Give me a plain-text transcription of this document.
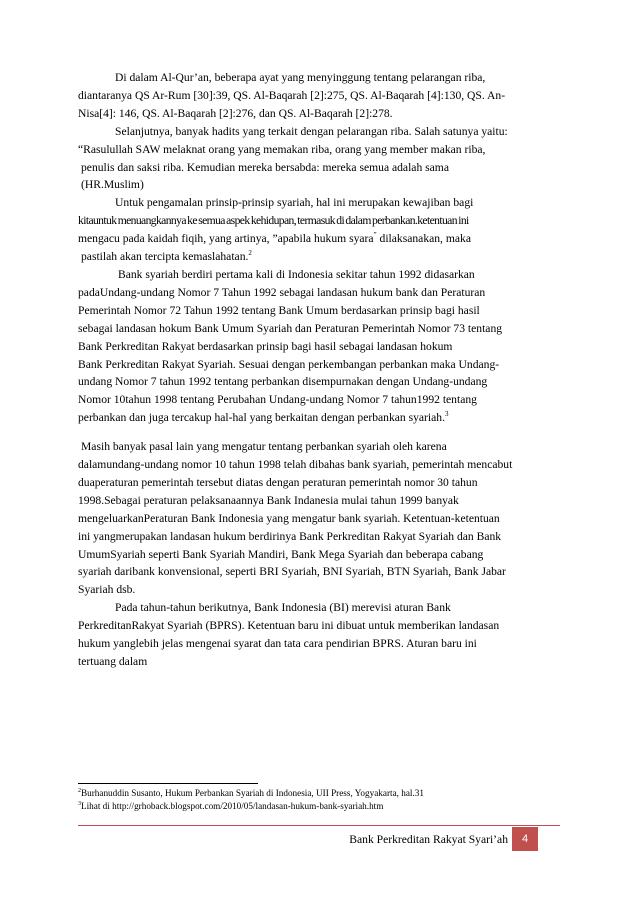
Di dalam Al-Qur’an, beberapa ayat yang menyinggung tentang pelarangan riba,
diantaranya QS Ar-Rum [30]:39, QS. Al-Baqarah [2]:275, QS. Al-Baqarah [4]:130, QS. An-
Nisa[4]: 146, QS. Al-Baqarah [2]:276, dan QS. Al-Baqarah [2]:278.
Selanjutnya, banyak hadits yang terkait dengan pelarangan riba. Salah satunya yaitu:
“Rasulullah SAW melaknat orang yang memakan riba, orang yang member makan riba,
penulis dan saksi riba. Kemudian mereka bersabda: mereka semua adalah sama
(HR.Muslim)
Untuk pengamalan prinsip-prinsip syariah, hal ini merupakan kewajiban bagi
kitauntuk menuangkannya ke semua aspek kehidupan, termasuk di dalam perbankan.ketentuan ini
mengacu pada kaidah fiqih, yang artinya, ”apabila hukum syara” dilaksanakan, maka
pastilah akan tercipta kemaslahatan.$^2$
Bank syariah berdiri pertama kali di Indonesia sekitar tahun 1992 didasarkan
padaUndang-undang Nomor 7 Tahun 1992 sebagai landasan hukum bank dan Peraturan
Pemerintah Nomor 72 Tahun 1992 tentang Bank Umum berdasarkan prinsip bagi hasil
sebagai landasan hokum Bank Umum Syariah dan Peraturan Pemerintah Nomor 73 tentang
Bank Perkreditan Rakyat berdasarkan prinsip bagi hasil sebagai landasan hokum
Bank Perkreditan Rakyat Syariah. Sesuai dengan perkembangan perbankan maka Undang-
undang Nomor 7 tahun 1992 tentang perbankan disempurnakan dengan Undang-undang
Nomor 10tahun 1998 tentang Perubahan Undang-undang Nomor 7 tahun1992 tentang
perbankan dan juga tercakup hal-hal yang berkaitan dengan perbankan syariah.$^3$
Masih banyak pasal lain yang mengatur tentang perbankan syariah oleh karena
dalamundang-undang nomor 10 tahun 1998 telah dibahas bank syariah, pemerintah mencabut
duaperaturan pemerintah tersebut diatas dengan peraturan pemerintah nomor 30 tahun
1998.Sebagai peraturan pelaksanaannya Bank Indanesia mulai tahun 1999 banyak
mengeluarkanPeraturan Bank Indonesia yang mengatur bank syariah. Ketentuan-ketentuan
ini yangmerupakan landasan hukum berdirinya Bank Perkreditan Rakyat Syariah dan Bank
UmumSyariah seperti Bank Syariah Mandiri, Bank Mega Syariah dan beberapa cabang
syariah daribank konvensional, seperti BRI Syariah, BNI Syariah, BTN Syariah, Bank Jabar
Syariah dsb.
Pada tahun-tahun berikutnya, Bank Indonesia (BI) merevisi aturan Bank
PerkreditanRakyat Syariah (BPRS). Ketentuan baru ini dibuat untuk memberikan landasan
hukum yanglebih jelas mengenai syarat dan tata cara pendirian BPRS. Aturan baru ini
tertuang dalam
$^2$Burhanuddin Susanto, Hukum Perbankan Syariah di Indonesia, UII Press, Yogyakarta, hal.31
$^3$Lihat di http://grhoback.blogspot.com/2010/05/landasan-hukum-bank-syariah.htm
Bank Perkreditan Rakyat Syari’ah	4
